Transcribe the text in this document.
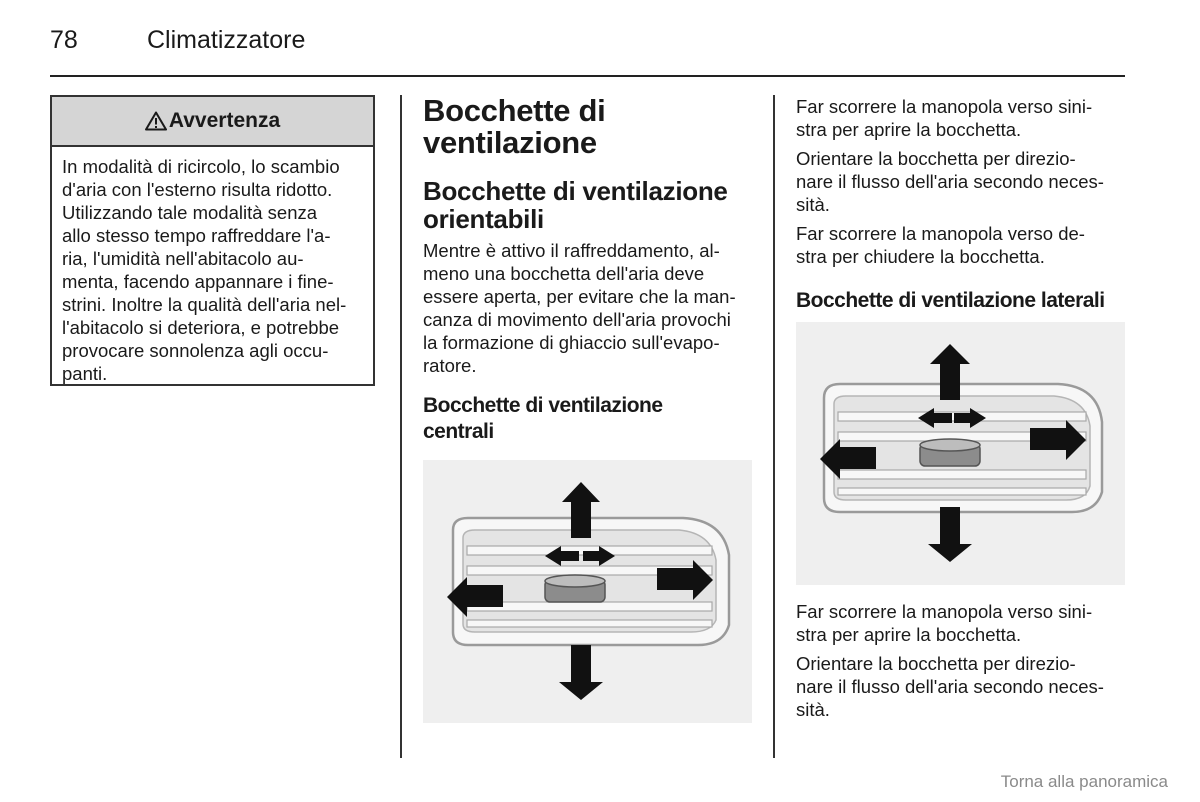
78	Climatizzatore
Avvertenza
In modalità di ricircolo, lo scambio
d'aria con l'esterno risulta ridotto.
Utilizzando tale modalità senza
allo stesso tempo raffreddare l'a-
ria, l'umidità nell'abitacolo au-
menta, facendo appannare i fine-
strini. Inoltre la qualità dell'aria nel-
l'abitacolo si deteriora, e potrebbe
provocare sonnolenza agli occu-
panti.
Bocchette di
ventilazione
Bocchette di ventilazione
orientabili
Mentre è attivo il raffreddamento, al-
meno una bocchetta dell'aria deve
essere aperta, per evitare che la man-
canza di movimento dell'aria provochi
la formazione di ghiaccio sull'evapo-
ratore.
Bocchette di ventilazione
centrali
Far scorrere la manopola verso sini-
stra per aprire la bocchetta.
Orientare la bocchetta per direzio-
nare il flusso dell'aria secondo neces-
sità.
Far scorrere la manopola verso de-
stra per chiudere la bocchetta.
Bocchette di ventilazione laterali
Far scorrere la manopola verso sini-
stra per aprire la bocchetta.
Orientare la bocchetta per direzio-
nare il flusso dell'aria secondo neces-
sità.
Torna alla panoramica
